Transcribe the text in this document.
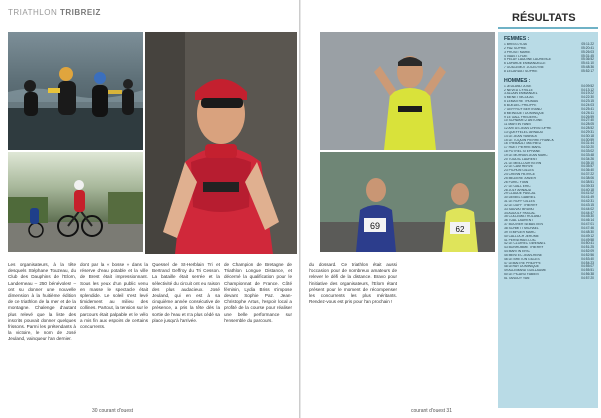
TRIATHLON TRIBREIZ
Les organisateurs, à la tête desquels Stéphane Touzeau, du Club des Dauphins de l'Elorn, Landerneau – 250 bénévoles! – ont su donner une nouvelle dimension à la huitième édition de ce triathlon de la mer et de la montagne. Chalenge d'autant plus relevé que la liste des inscrits pouvait donner quelques frissons. Parmi les prétendants à la victoire, le nom de José Jeuland, vainqueur l'an dernier.
dont par la « bosse » dans la réserve d'eau potable et la ville de Brest était impressionnant. Sous les yeux d'un public venu en masse le spectacle était splendide. Le soleil s'est levé timidement au milieu des collines. Partout, la tension sur le parcours était palpable et le vélo a mis fin aux espoirs de certains concurrents.
Quessel de St-Herblain Tri et Bertrand Geffroy du Tri Cesson. La bataille était serrée et la sélectivité du circuit ont eu raison des plus audacieux. José Jeuland, qui en est à sa cinquième année consécutive de présence, a pris la tête dès la sortie de l'eau et n'a plus cédé sa place jusqu'à l'arrivée.
de Champion de Bretagne de Triathlon Longue Distance, et décerné la qualification pour le Championnat de France. Côté féminin, Lydia Briss s'impose devant Sophie Paz. Jean-Christophe Artus, l'espoir local a profité de la course pour réaliser une belle performance sur l'ensemble du parcours.
30 courant d'ouest
du dossard. Ce triathlon était aussi l'occasion pour de nombreux amateurs de relever le défi de la distance. Bravo pour l'initiative des organisateurs, l'Elorn étant présent pour le moment de récompenser les concurrents les plus méritants. Rendez-vous est pris pour l'an prochain !
courant d'ouest 31
69	62
RÉSULTATS
FEMMES :
1 BRISS LYDIA	05:11:22
2 PAZ SOPHIE	05:20:41
3 PROSIT MARIE	05:26:03
4 VAAST LYDIE	05:31:45
5 PELAY LAUDINE LAURENCE	05:36:52
6 LAPARDE EMMANUELLE	05:41:10
7 GUILLEMOT JOCELYNE	05:48:36
8 LECARDAT SOPHIE	05:52:17
HOMMES :
1 JEULAND JOSÉ	04:09:52
2 NEVEU CYRILLE	04:13:12
3 ALLAIN EMMANUEL	04:19:22
4 MENET NICOLAS	04:22:30
5 LEMAITRE THOMAS	04:23:15
6 BOEDEC PHILIPPE	04:24:03
7 GEFFROY BERTRAND	04:25:41
8 MEINGUET DOMINIQUE	04:26:11
9 LE GALL FREDERIC	04:26:59
10 SCHWARTZ ANTOINE	04:27:40
11 MARTIN YANN	04:28:05
12 ARTUS JEAN CHRISTOPHE	04:28:52
13 QUEFFELEC ARNAUD	04:29:31
14 LE JEAN YANNICK	04:30:18
15 LE TOQUIN PIERRE FRANCK	04:30:59
16 THEBAULT MATHIEU	04:31:44
17 HUET PIERRE MARC	04:32:20
18 POTREL STEPHANE	04:33:02
19 LE MORVAN JEAN MARC	04:33:48
20 TOUDIC LAURENT	04:34:26
21 LE MEILLOUR KEVIN	04:35:10
22 LE CAM HERVE	04:35:57
23 PICHON GILLES	04:36:40
24 CRENN PATRICE	04:37:22
25 MEZIERE XAVIER	04:38:06
26 FURIC YVAN	04:38:51
27 LE GALL ERIC	04:39:33
28 JOLY ARNAUD	04:40:18
29 CLAUDE PASCAL	04:41:02
30 DENIEL GABRIEL	04:41:49
31 LE ROFF GILLES	04:42:31
32 LE DUFF THIERRY	04:43:15
33 SAUVAT BRUNO	04:44:02
34 AUDOLY PASCAL	04:44:47
35 COLLEMAT ROLAND	04:45:30
36 TUAL LAURENT	04:46:14
37 BOUVIER SEBASTIEN	04:47:01
38 SCHMITT MICHAEL	04:47:46
39 TEMPLIER MARC	04:48:30
40 CALLOCH JEROME	04:49:12
41 PERSEHAIS LOIC	04:49:58
42 LE CLOIREC GWENAEL	04:50:41
43 BONHOMME THIERRY	04:51:25
44 MARTIN ERIC	04:52:09
45 MENTEC JEAN-RENE	04:52:56
46 LE BRETON GILLES	04:53:40
47 LEMAITRE PHILIPPE	04:54:23
48 LERAY DOMINIQUE	04:55:07
49 ALLEMAND GUILLAUME	04:55:51
50 LE PICARD FABIEN	04:56:38
51 TANGUY YAN	04:57:20
